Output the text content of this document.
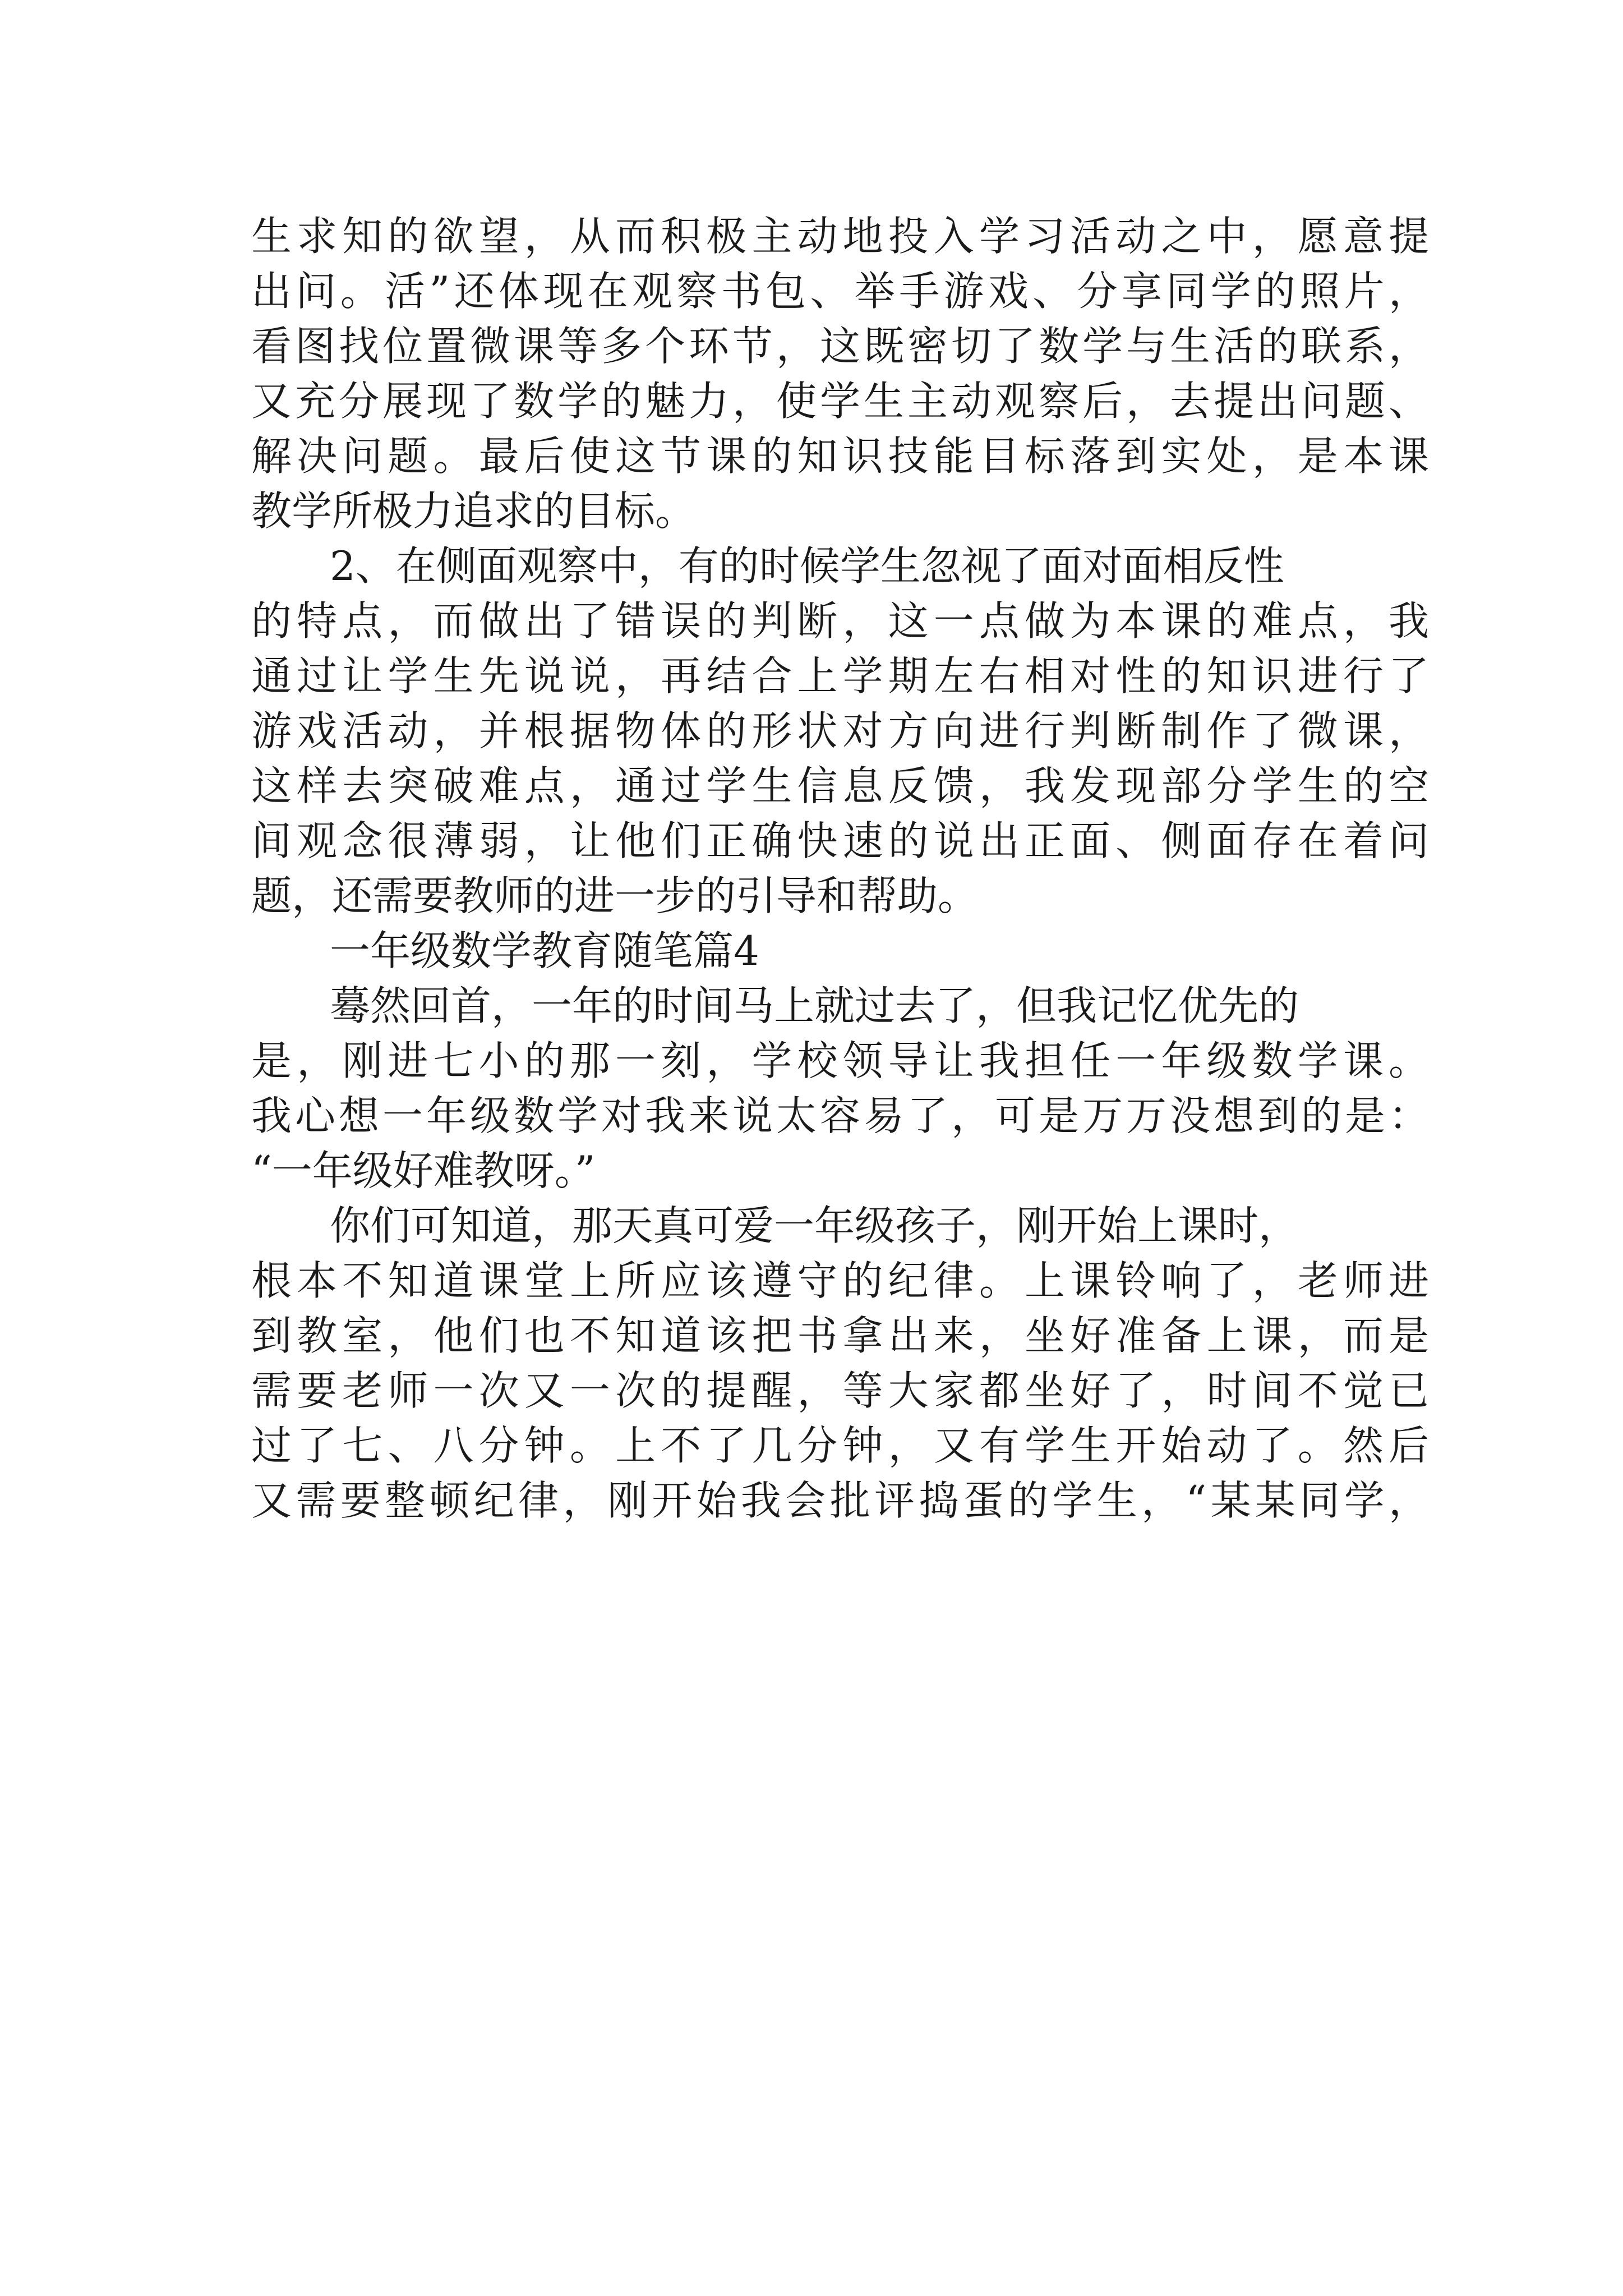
生求知的欲望，从而积极主动地投入学习活动之中，愿意提
出问。活”还体现在观察书包、举手游戏、分享同学的照片，
看图找位置微课等多个环节，这既密切了数学与生活的联系，
又充分展现了数学的魅力，使学生主动观察后，去提出问题、
解决问题。最后使这节课的知识技能目标落到实处，是本课
教学所极力追求的目标。
2、在侧面观察中，有的时候学生忽视了面对面相反性
的特点，而做出了错误的判断，这一点做为本课的难点，我
通过让学生先说说，再结合上学期左右相对性的知识进行了
游戏活动，并根据物体的形状对方向进行判断制作了微课，
这样去突破难点，通过学生信息反馈，我发现部分学生的空
间观念很薄弱，让他们正确快速的说出正面、侧面存在着问
题，还需要教师的进一步的引导和帮助。
一年级数学教育随笔篇4
蓦然回首，一年的时间马上就过去了，但我记忆优先的
是，刚进七小的那一刻，学校领导让我担任一年级数学课。
我心想一年级数学对我来说太容易了，可是万万没想到的是：
“一年级好难教呀。”
你们可知道，那天真可爱一年级孩子，刚开始上课时，
根本不知道课堂上所应该遵守的纪律。上课铃响了，老师进
到教室，他们也不知道该把书拿出来，坐好准备上课，而是
需要老师一次又一次的提醒，等大家都坐好了，时间不觉已
过了七、八分钟。上不了几分钟，又有学生开始动了。然后
又需要整顿纪律，刚开始我会批评捣蛋的学生，“某某同学，
